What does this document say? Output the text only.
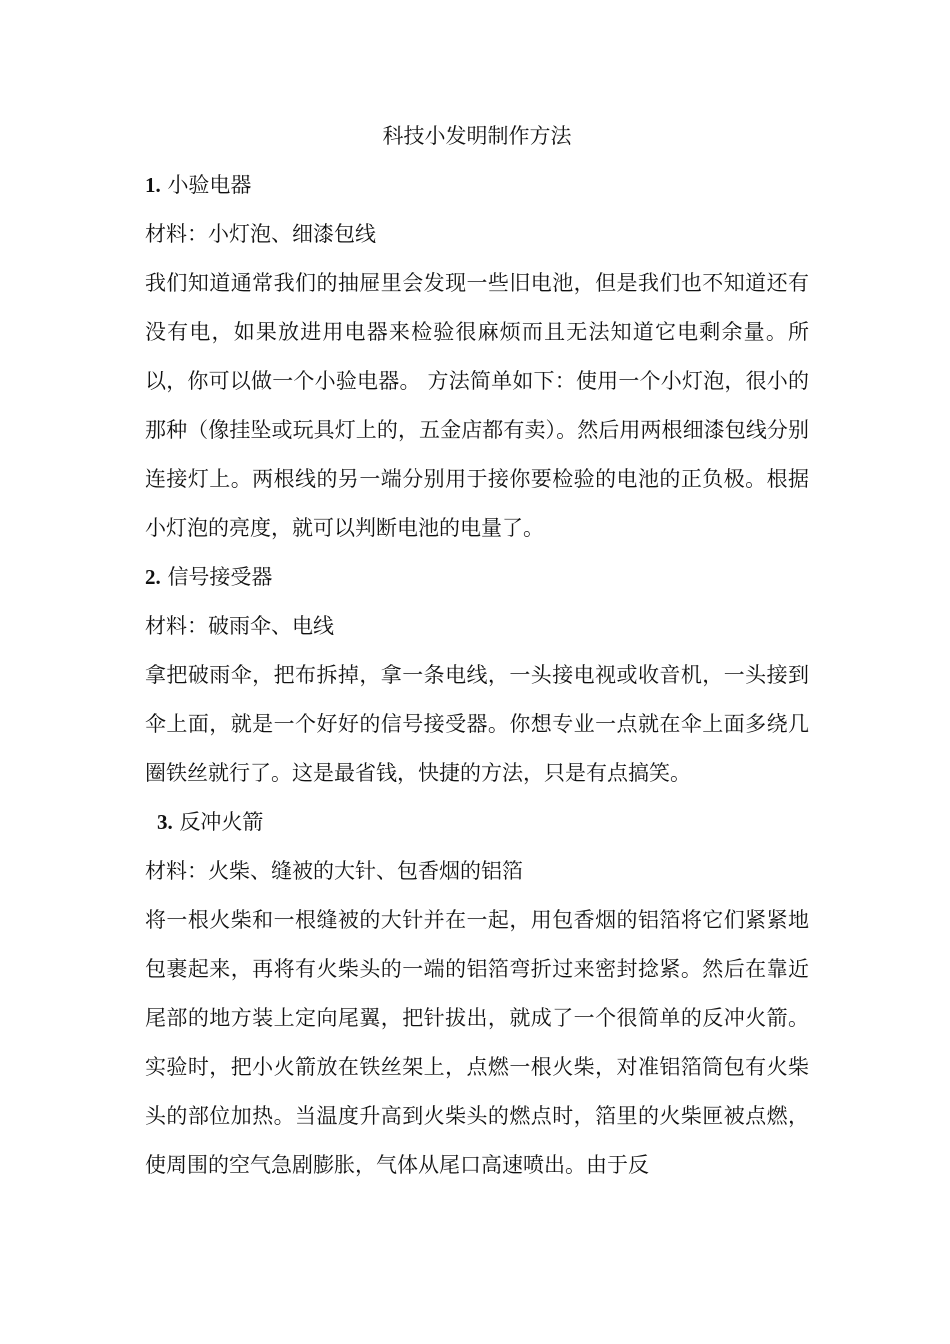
科技小发明制作方法

1. 小验电器

材料：小灯泡、细漆包线

我们知道通常我们的抽屉里会发现一些旧电池，但是我们也不知道还有没有电，如果放进用电器来检验很麻烦而且无法知道它电剩余量。所以，你可以做一个小验电器。 方法简单如下：使用一个小灯泡，很小的那种（像挂坠或玩具灯上的，五金店都有卖）。然后用两根细漆包线分别连接灯上。两根线的另一端分别用于接你要检验的电池的正负极。根据小灯泡的亮度，就可以判断电池的电量了。

2. 信号接受器

材料：破雨伞、电线

拿把破雨伞，把布拆掉，拿一条电线，一头接电视或收音机，一头接到伞上面，就是一个好好的信号接受器。你想专业一点就在伞上面多绕几圈铁丝就行了。这是最省钱，快捷的方法，只是有点搞笑。

3. 反冲火箭

材料：火柴、缝被的大针、包香烟的铝箔

将一根火柴和一根缝被的大针并在一起，用包香烟的铝箔将它们紧紧地包裹起来，再将有火柴头的一端的铝箔弯折过来密封捻紧。然后在靠近尾部的地方装上定向尾翼，把针拔出，就成了一个很简单的反冲火箭。 实验时，把小火箭放在铁丝架上，点燃一根火柴，对准铝箔筒包有火柴头的部位加热。当温度升高到火柴头的燃点时，箔里的火柴匣被点燃，使周围的空气急剧膨胀，气体从尾口高速喷出。由于反
